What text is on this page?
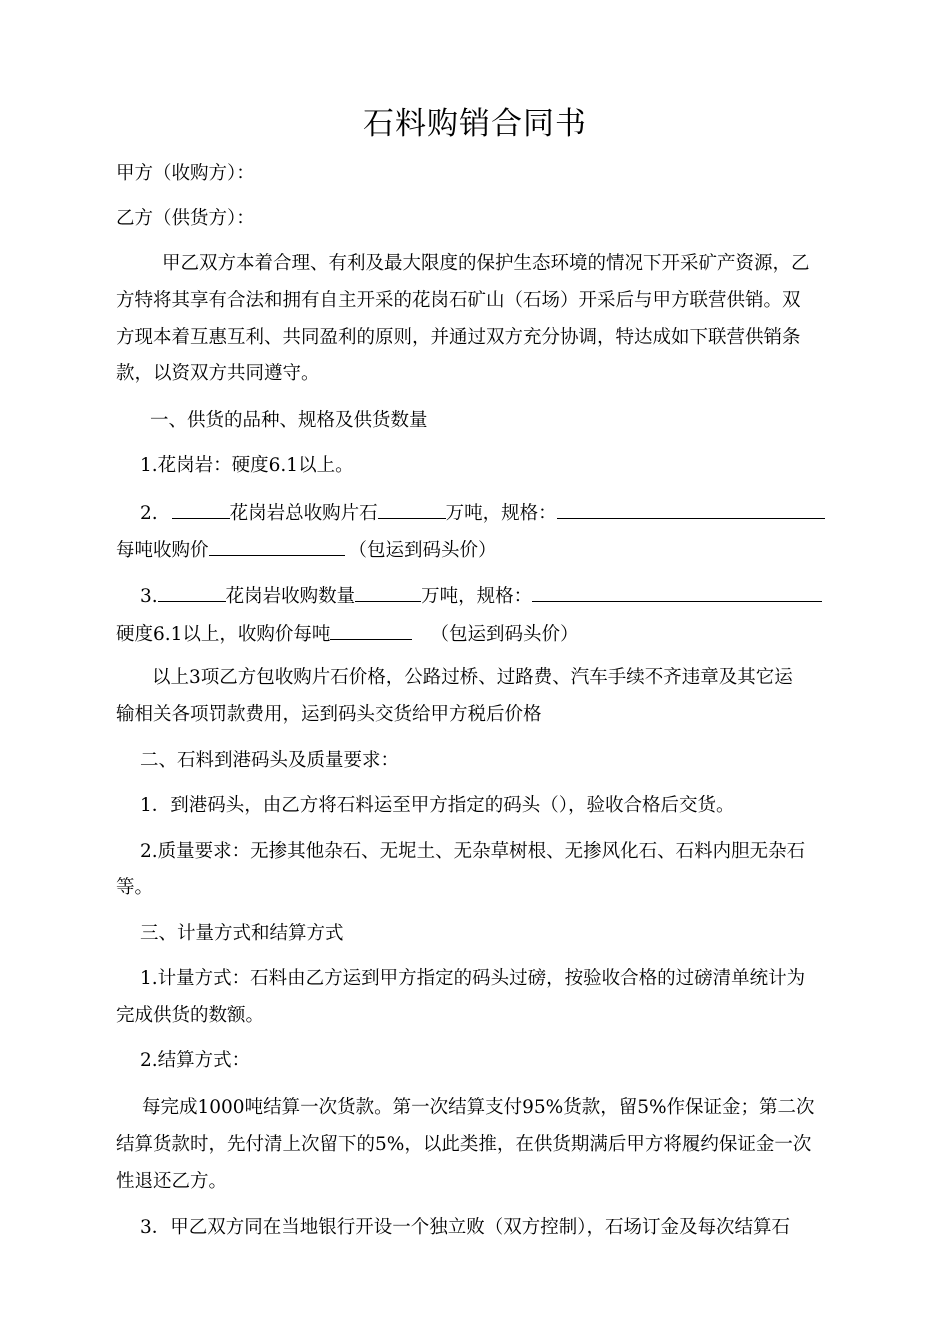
石料购销合同书
甲方（收购方）：
乙方（供货方）：
甲乙双方本着合理、有利及最大限度的保护生态环境的情况下开采矿产资源，乙
方特将其享有合法和拥有自主开采的花岗石矿山（石场）开采后与甲方联营供销。双
方现本着互惠互利、共同盈利的原则，并通过双方充分协调，特达成如下联营供销条
款，以资双方共同遵守。
一、供货的品种、规格及供货数量
1.花岗岩：硬度6.1以上。
2.	花岗岩总收购片石	万吨，规格：
每吨收购价	（包运到码头价）
3.	花岗岩收购数量	万吨，规格：
硬度6.1以上，收购价每吨	（包运到码头价）
以上3项乙方包收购片石价格，公路过桥、过路费、汽车手续不齐违章及其它运
输相关各项罚款费用，运到码头交货给甲方税后价格
二、石料到港码头及质量要求：
1．到港码头，由乙方将石料运至甲方指定的码头（），验收合格后交货。
2.质量要求：无掺其他杂石、无坭土、无杂草树根、无掺风化石、石料内胆无杂石
等。
三、计量方式和结算方式
1.计量方式：石料由乙方运到甲方指定的码头过磅，按验收合格的过磅清单统计为
完成供货的数额。
2.结算方式：
每完成1000吨结算一次货款。第一次结算支付95%货款，留5%作保证金；第二次
结算货款时，先付清上次留下的5%，以此类推，在供货期满后甲方将履约保证金一次
性退还乙方。
3．甲乙双方同在当地银行开设一个独立败（双方控制），石场订金及每次结算石
